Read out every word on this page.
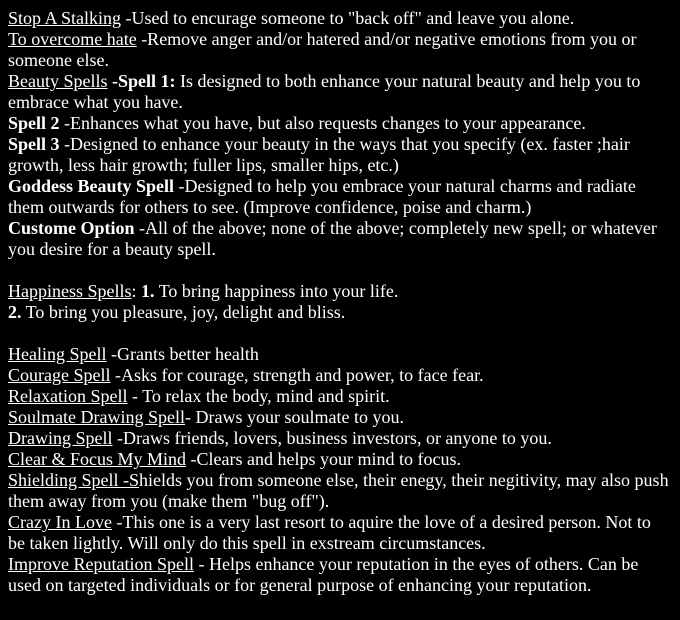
Stop A Stalking -Used to encurage someone to "back off" and leave you alone.

To overcome hate -Remove anger and/or hatered and/or negative emotions from you or someone else.

Beauty Spells -Spell 1: Is designed to both enhance your natural beauty and help you to embrace what you have.

Spell 2 -Enhances what you have, but also requests changes to your appearance.

Spell 3 -Designed to enhance your beauty in the ways that you specify (ex. faster ;hair growth, less hair growth; fuller lips, smaller hips, etc.)

Goddess Beauty Spell -Designed to help you embrace your natural charms and radiate them outwards for others to see. (Improve confidence, poise and charm.)

Custome Option -All of the above; none of the above; completely new spell; or whatever you desire for a beauty spell.

Happiness Spells: 1. To bring happiness into your life.

2. To bring you pleasure, joy, delight and bliss.

Healing Spell -Grants better health

Courage Spell -Asks for courage, strength and power, to face fear.

Relaxation Spell - To relax the body, mind and spirit.

Soulmate Drawing Spell- Draws your soulmate to you.

Drawing Spell -Draws friends, lovers, business investors, or anyone to you.

Clear & Focus My Mind -Clears and helps your mind to focus.

Shielding Spell -Shields you from someone else, their enegy, their negitivity, may also push them away from you (make them "bug off").

Crazy In Love -This one is a very last resort to aquire the love of a desired person. Not to be taken lightly. Will only do this spell in exstream circumstances.

Improve Reputation Spell - Helps enhance your reputation in the eyes of others. Can be used on targeted individuals or for general purpose of enhancing your reputation.
